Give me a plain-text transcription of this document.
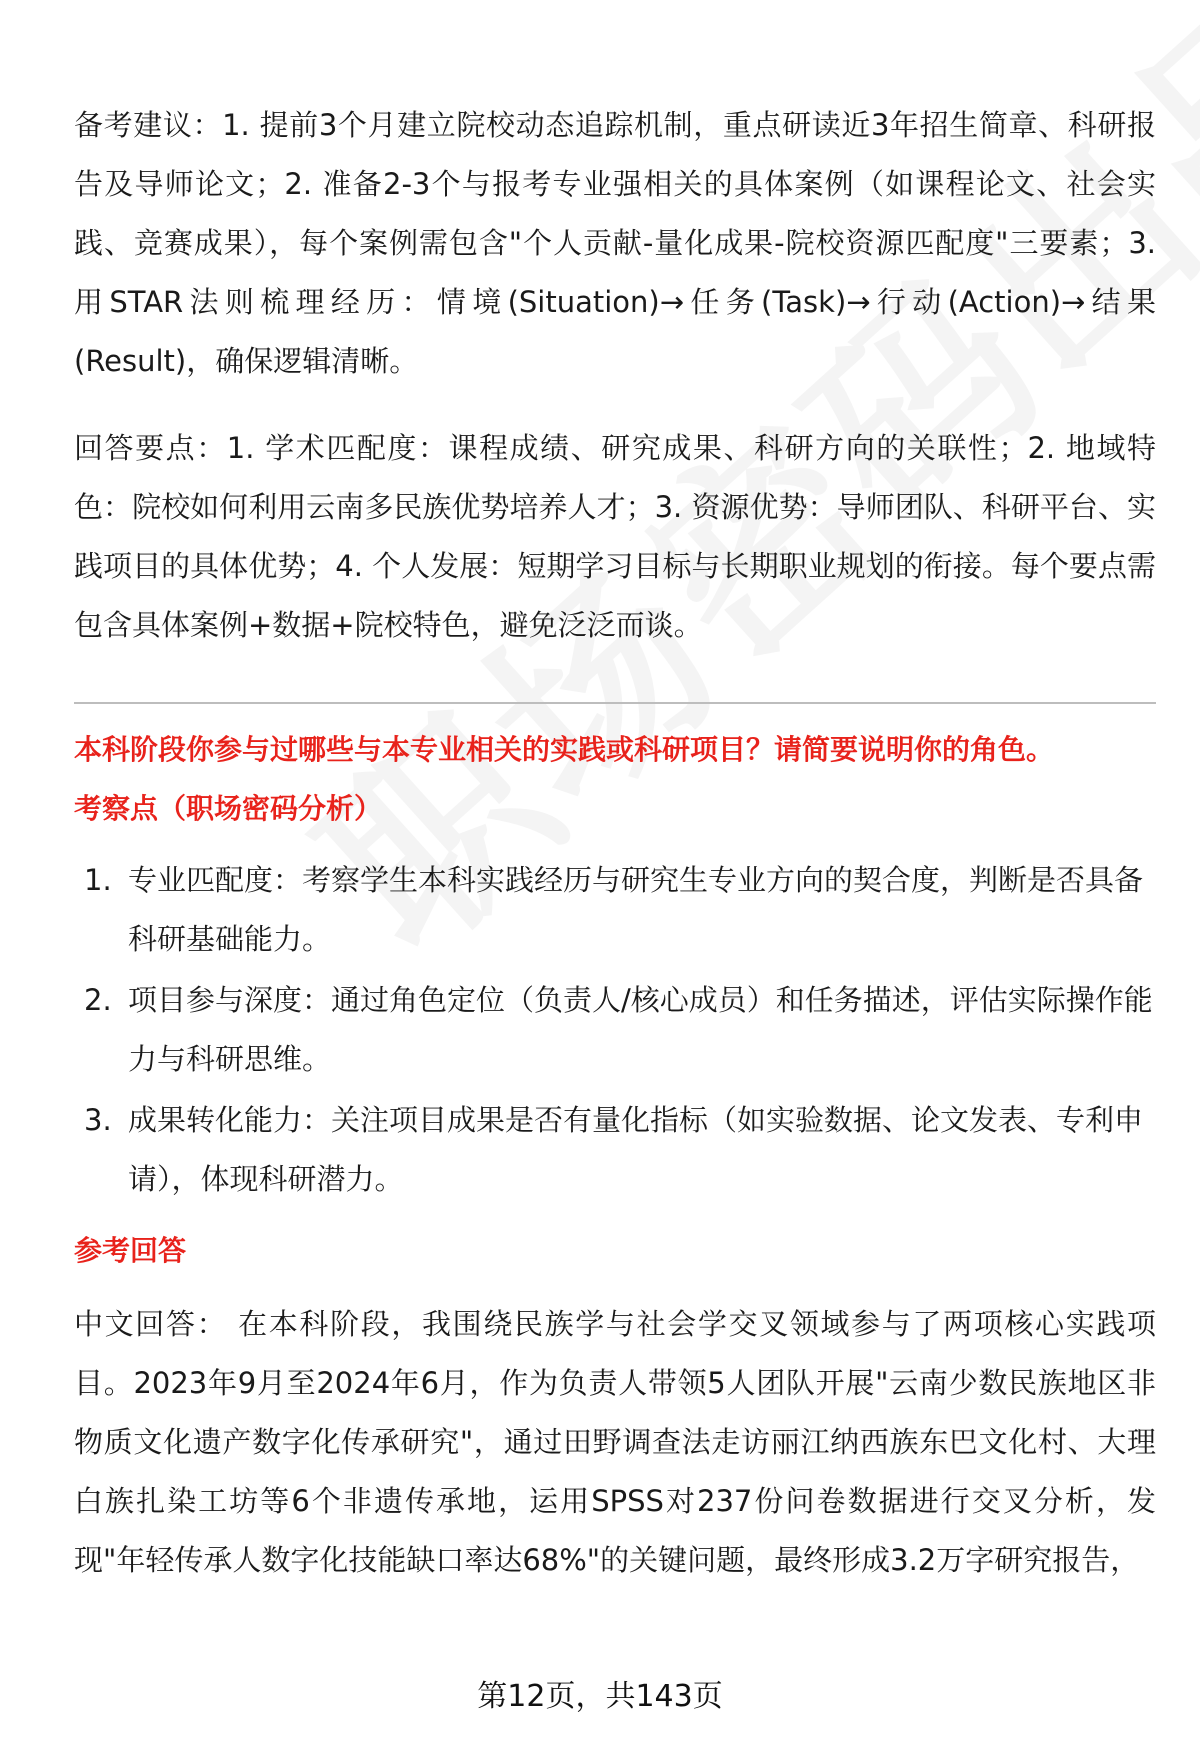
备考建议：1. 提前3个月建立院校动态追踪机制，重点研读近3年招生简章、科研报告及导师论文；2. 准备2-3个与报考专业强相关的具体案例（如课程论文、社会实践、竞赛成果），每个案例需包含"个人贡献-量化成果-院校资源匹配度"三要素；3. 用STAR法则梳理经历：情境(Situation)→任务(Task)→行动(Action)→结果(Result)，确保逻辑清晰。

回答要点：1. 学术匹配度：课程成绩、研究成果、科研方向的关联性；2. 地域特色：院校如何利用云南多民族优势培养人才；3. 资源优势：导师团队、科研平台、实践项目的具体优势；4. 个人发展：短期学习目标与长期职业规划的衔接。每个要点需包含具体案例+数据+院校特色，避免泛泛而谈。

本科阶段你参与过哪些与本专业相关的实践或科研项目？请简要说明你的角色。

考察点（职场密码分析）

1. 专业匹配度：考察学生本科实践经历与研究生专业方向的契合度，判断是否具备科研基础能力。
2. 项目参与深度：通过角色定位（负责人/核心成员）和任务描述，评估实际操作能力与科研思维。
3. 成果转化能力：关注项目成果是否有量化指标（如实验数据、论文发表、专利申请），体现科研潜力。

参考回答

中文回答： 在本科阶段，我围绕民族学与社会学交叉领域参与了两项核心实践项目。2023年9月至2024年6月，作为负责人带领5人团队开展"云南少数民族地区非物质文化遗产数字化传承研究"，通过田野调查法走访丽江纳西族东巴文化村、大理白族扎染工坊等6个非遗传承地，运用SPSS对237份问卷数据进行交叉分析，发现"年轻传承人数字化技能缺口率达68%"的关键问题，最终形成3.2万字研究报告，

第12页，共143页
